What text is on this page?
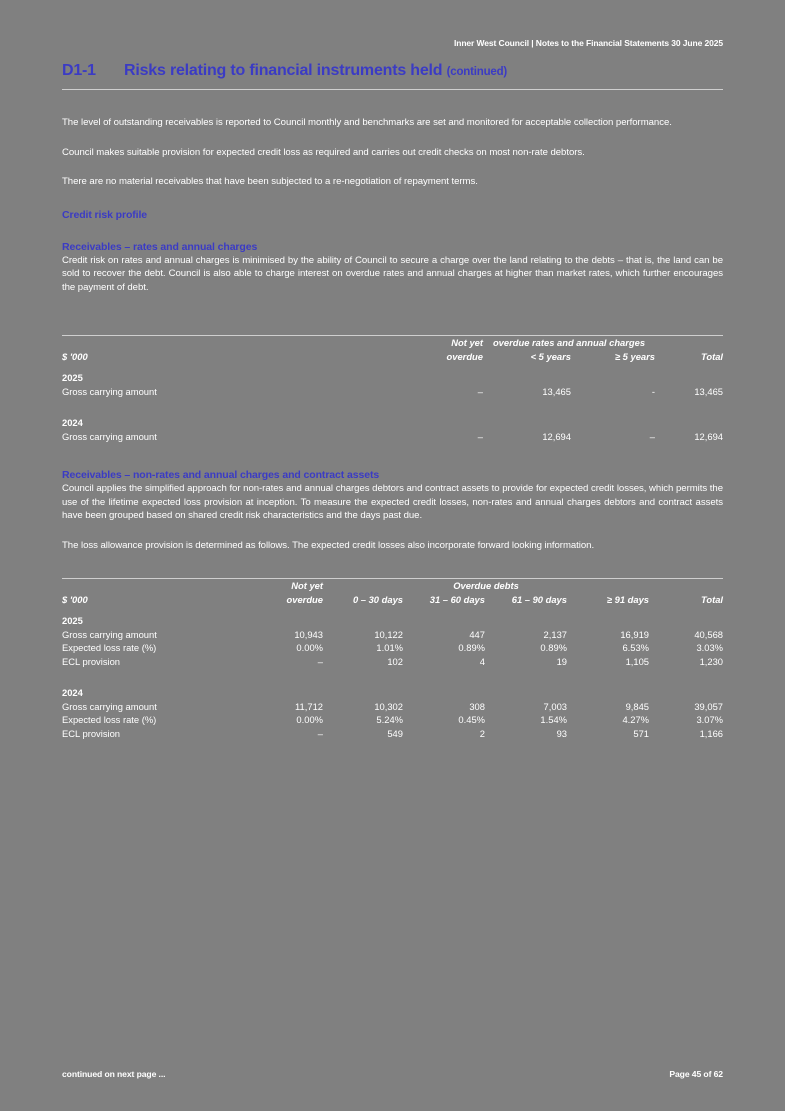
Inner West Council | Notes to the Financial Statements 30 June 2025
D1-1 Risks relating to financial instruments held (continued)

The level of outstanding receivables is reported to Council monthly and benchmarks are set and monitored for acceptable collection performance.

Council makes suitable provision for expected credit loss as required and carries out credit checks on most non-rate debtors.

There are no material receivables that have been subjected to a re-negotiation of repayment terms.

Credit risk profile
Receivables – rates and annual charges

Credit risk on rates and annual charges is minimised by the ability of Council to secure a charge over the land relating to the debts – that is, the land can be sold to recover the debt. Council is also able to charge interest on overdue rates and annual charges at higher than market rates, which further encourages the payment of debt.

	Not yet	overdue rates and annual charges		
$ '000	overdue	< 5 years	≥ 5 years	Total
2025				
Gross carrying amount	–	13,465	-	13,465

2024				
Gross carrying amount	–	12,694	–	12,694
Receivables – non-rates and annual charges and contract assets

Council applies the simplified approach for non-rates and annual charges debtors and contract assets to provide for expected credit losses, which permits the use of the lifetime expected loss provision at inception. To measure the expected credit losses, non-rates and annual charges debtors and contract assets have been grouped based on shared credit risk characteristics and the days past due.

The loss allowance provision is determined as follows. The expected credit losses also incorporate forward looking information.

	Not yet	Overdue debts				
$ '000	overdue	0 – 30 days	31 – 60 days	61 – 90 days	≥ 91 days	Total
2025						
Gross carrying amount	10,943	10,122	447	2,137	16,919	40,568
Expected loss rate (%)	0.00%	1.01%	0.89%	0.89%	6.53%	3.03%
ECL provision	–	102	4	19	1,105	1,230

2024						
Gross carrying amount	11,712	10,302	308	7,003	9,845	39,057
Expected loss rate (%)	0.00%	5.24%	0.45%	1.54%	4.27%	3.07%
ECL provision	–	549	2	93	571	1,166
continued on next page ...	Page 45 of 62
